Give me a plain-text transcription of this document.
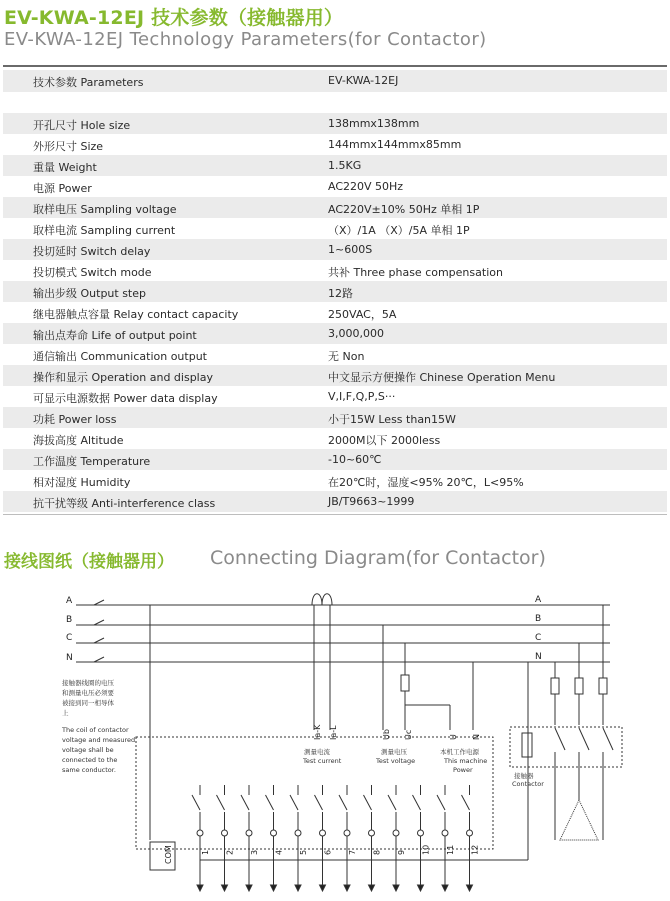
EV-KWA-12EJ 技术参数（接触器用）
EV-KWA-12EJ Technology Parameters(for Contactor)
技术参数 Parameters	EV-KWA-12EJ
开孔尺寸 Hole size	138mmx138mm
外形尺寸 Size	144mmx144mmx85mm
重量 Weight	1.5KG
电源 Power	AC220V 50Hz
取样电压 Sampling voltage	AC220V±10% 50Hz 单相 1P
取样电流 Sampling current	（X）/1A （X）/5A 单相 1P
投切延时 Switch delay	1~600S
投切模式 Switch mode	共补 Three phase compensation
输出步级 Output step	12路
继电器触点容量 Relay contact capacity	250VAC，5A
输出点寿命 Life of output point	3,000,000
通信输出 Communication output	无 Non
操作和显示 Operation and display	中文显示方便操作 Chinese Operation Menu
可显示电源数据 Power data display	V,I,F,Q,P,S···
功耗 Power loss	小于15W Less than15W
海拔高度 Altitude	2000M以下 2000less
工作温度 Temperature	-10~60℃
相对湿度 Humidity	在20℃时，湿度<95% 20℃，L<95%
抗干扰等级 Anti-interference class	JB/T9663~1999
接线图纸（接触器用） Connecting Diagram(for Contactor)
A
B
C
N
A
B
C
N
接触器线圈的电压
和测量电压必须要
被接到同一相导体
上
The coil of contactor
voltage and measured
voltage shall be
connected to the
same conductor.
测量电流
Test current
测量电压
Test voltage
本机工作电源
This machine
Power
接触器
Contactor
Ia-K Ia-L	Ub Uc	U N
COM	1 2 3 4 5 6 7 8 9 10 11 12
